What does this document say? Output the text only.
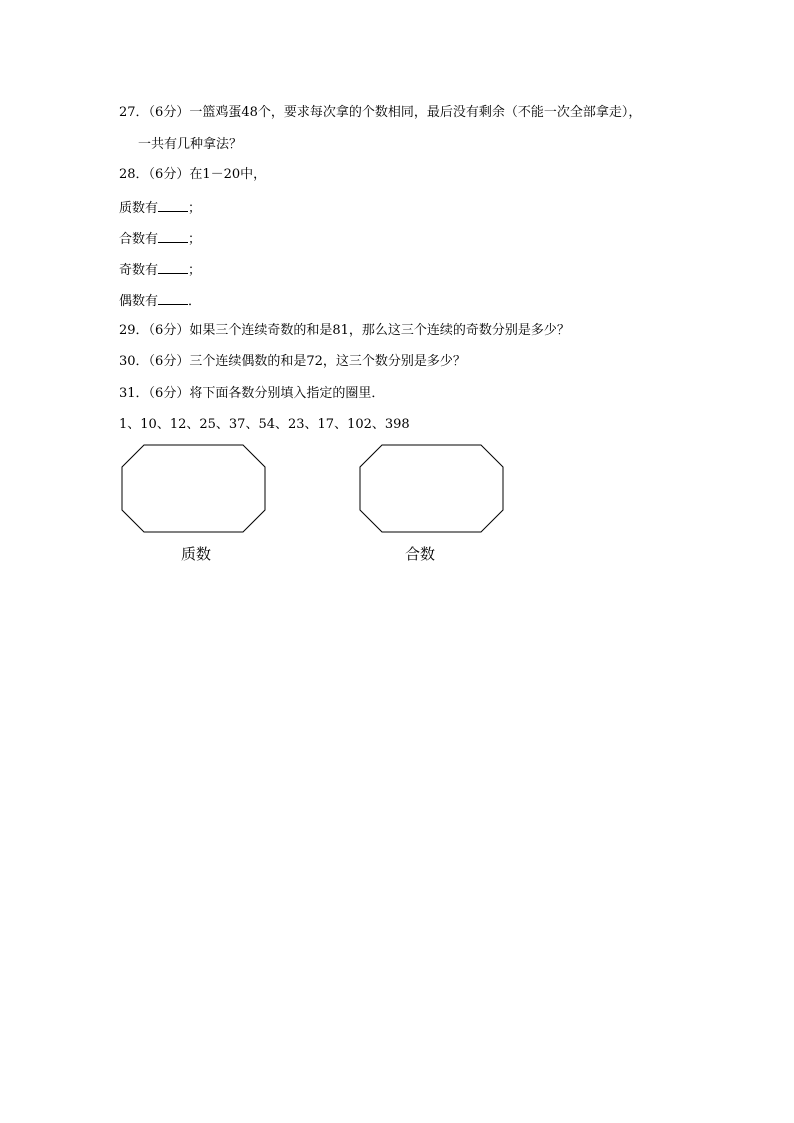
27．（6分）一篮鸡蛋48个，要求每次拿的个数相同，最后没有剩余（不能一次全部拿走），
一共有几种拿法？
28．（6分）在1－20中，
质数有 ；
合数有 ；
奇数有 ；
偶数有 ．
29．（6分）如果三个连续奇数的和是81，那么这三个连续的奇数分别是多少？
30．（6分）三个连续偶数的和是72，这三个数分别是多少？
31．（6分）将下面各数分别填入指定的圈里．
1、10、12、25、37、54、23、17、102、398
质数	合数
